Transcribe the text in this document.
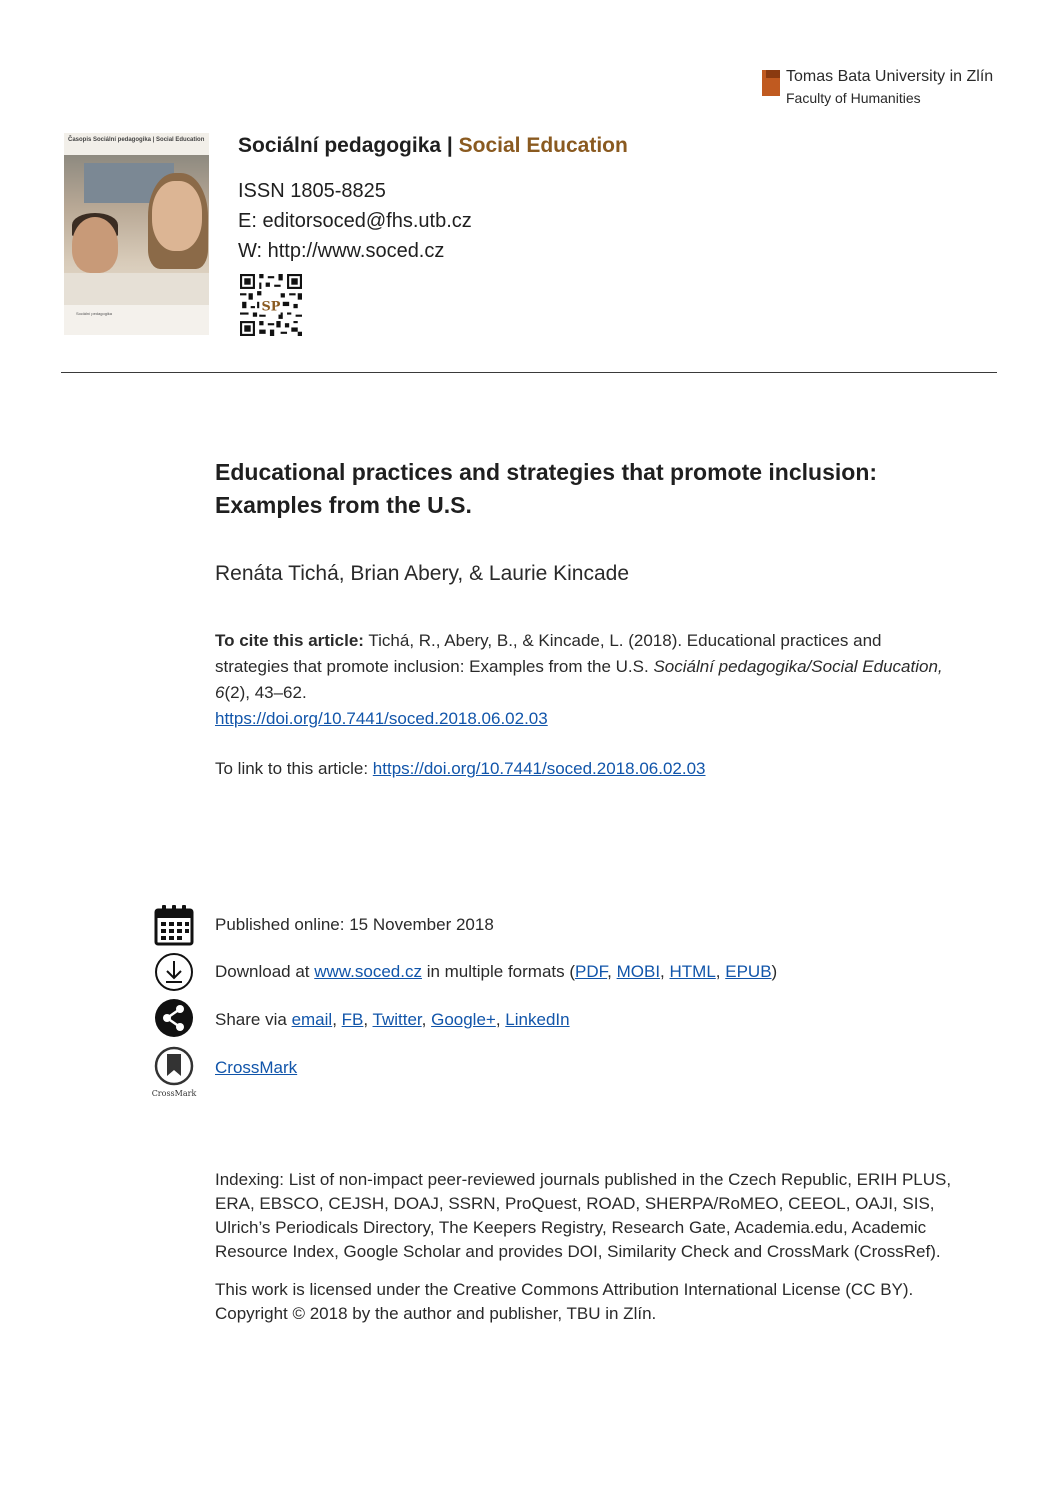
Tomas Bata University in Zlín
Faculty of Humanities
Časopis Sociální pedagogika | Social Education
Sociální pedagogika
Sociální pedagogika | Social Education
ISSN 1805-8825
E: editorsoced@fhs.utb.cz
W: http://www.soced.cz
SP
Educational practices and strategies that promote inclusion: Examples from the U.S.
Renáta Tichá, Brian Abery, & Laurie Kincade
To cite this article: Tichá, R., Abery, B., & Kincade, L. (2018). Educational practices and strategies that promote inclusion: Examples from the U.S. Sociální pedagogika/Social Education, 6(2), 43–62.
https://doi.org/10.7441/soced.2018.06.02.03
To link to this article: https://doi.org/10.7441/soced.2018.06.02.03
Published online: 15 November 2018
Download at www.soced.cz in multiple formats (PDF, MOBI, HTML, EPUB)
Share via email, FB, Twitter, Google+, LinkedIn
CrossMark
CrossMark
Indexing: List of non-impact peer-reviewed journals published in the Czech Republic, ERIH PLUS, ERA, EBSCO, CEJSH, DOAJ, SSRN, ProQuest, ROAD, SHERPA/RoMEO, CEEOL, OAJI, SIS, Ulrich’s Periodicals Directory, The Keepers Registry, Research Gate, Academia.edu, Academic Resource Index, Google Scholar and provides DOI, Similarity Check and CrossMark (CrossRef).
This work is licensed under the Creative Commons Attribution International License (CC BY).
Copyright © 2018 by the author and publisher, TBU in Zlín.
